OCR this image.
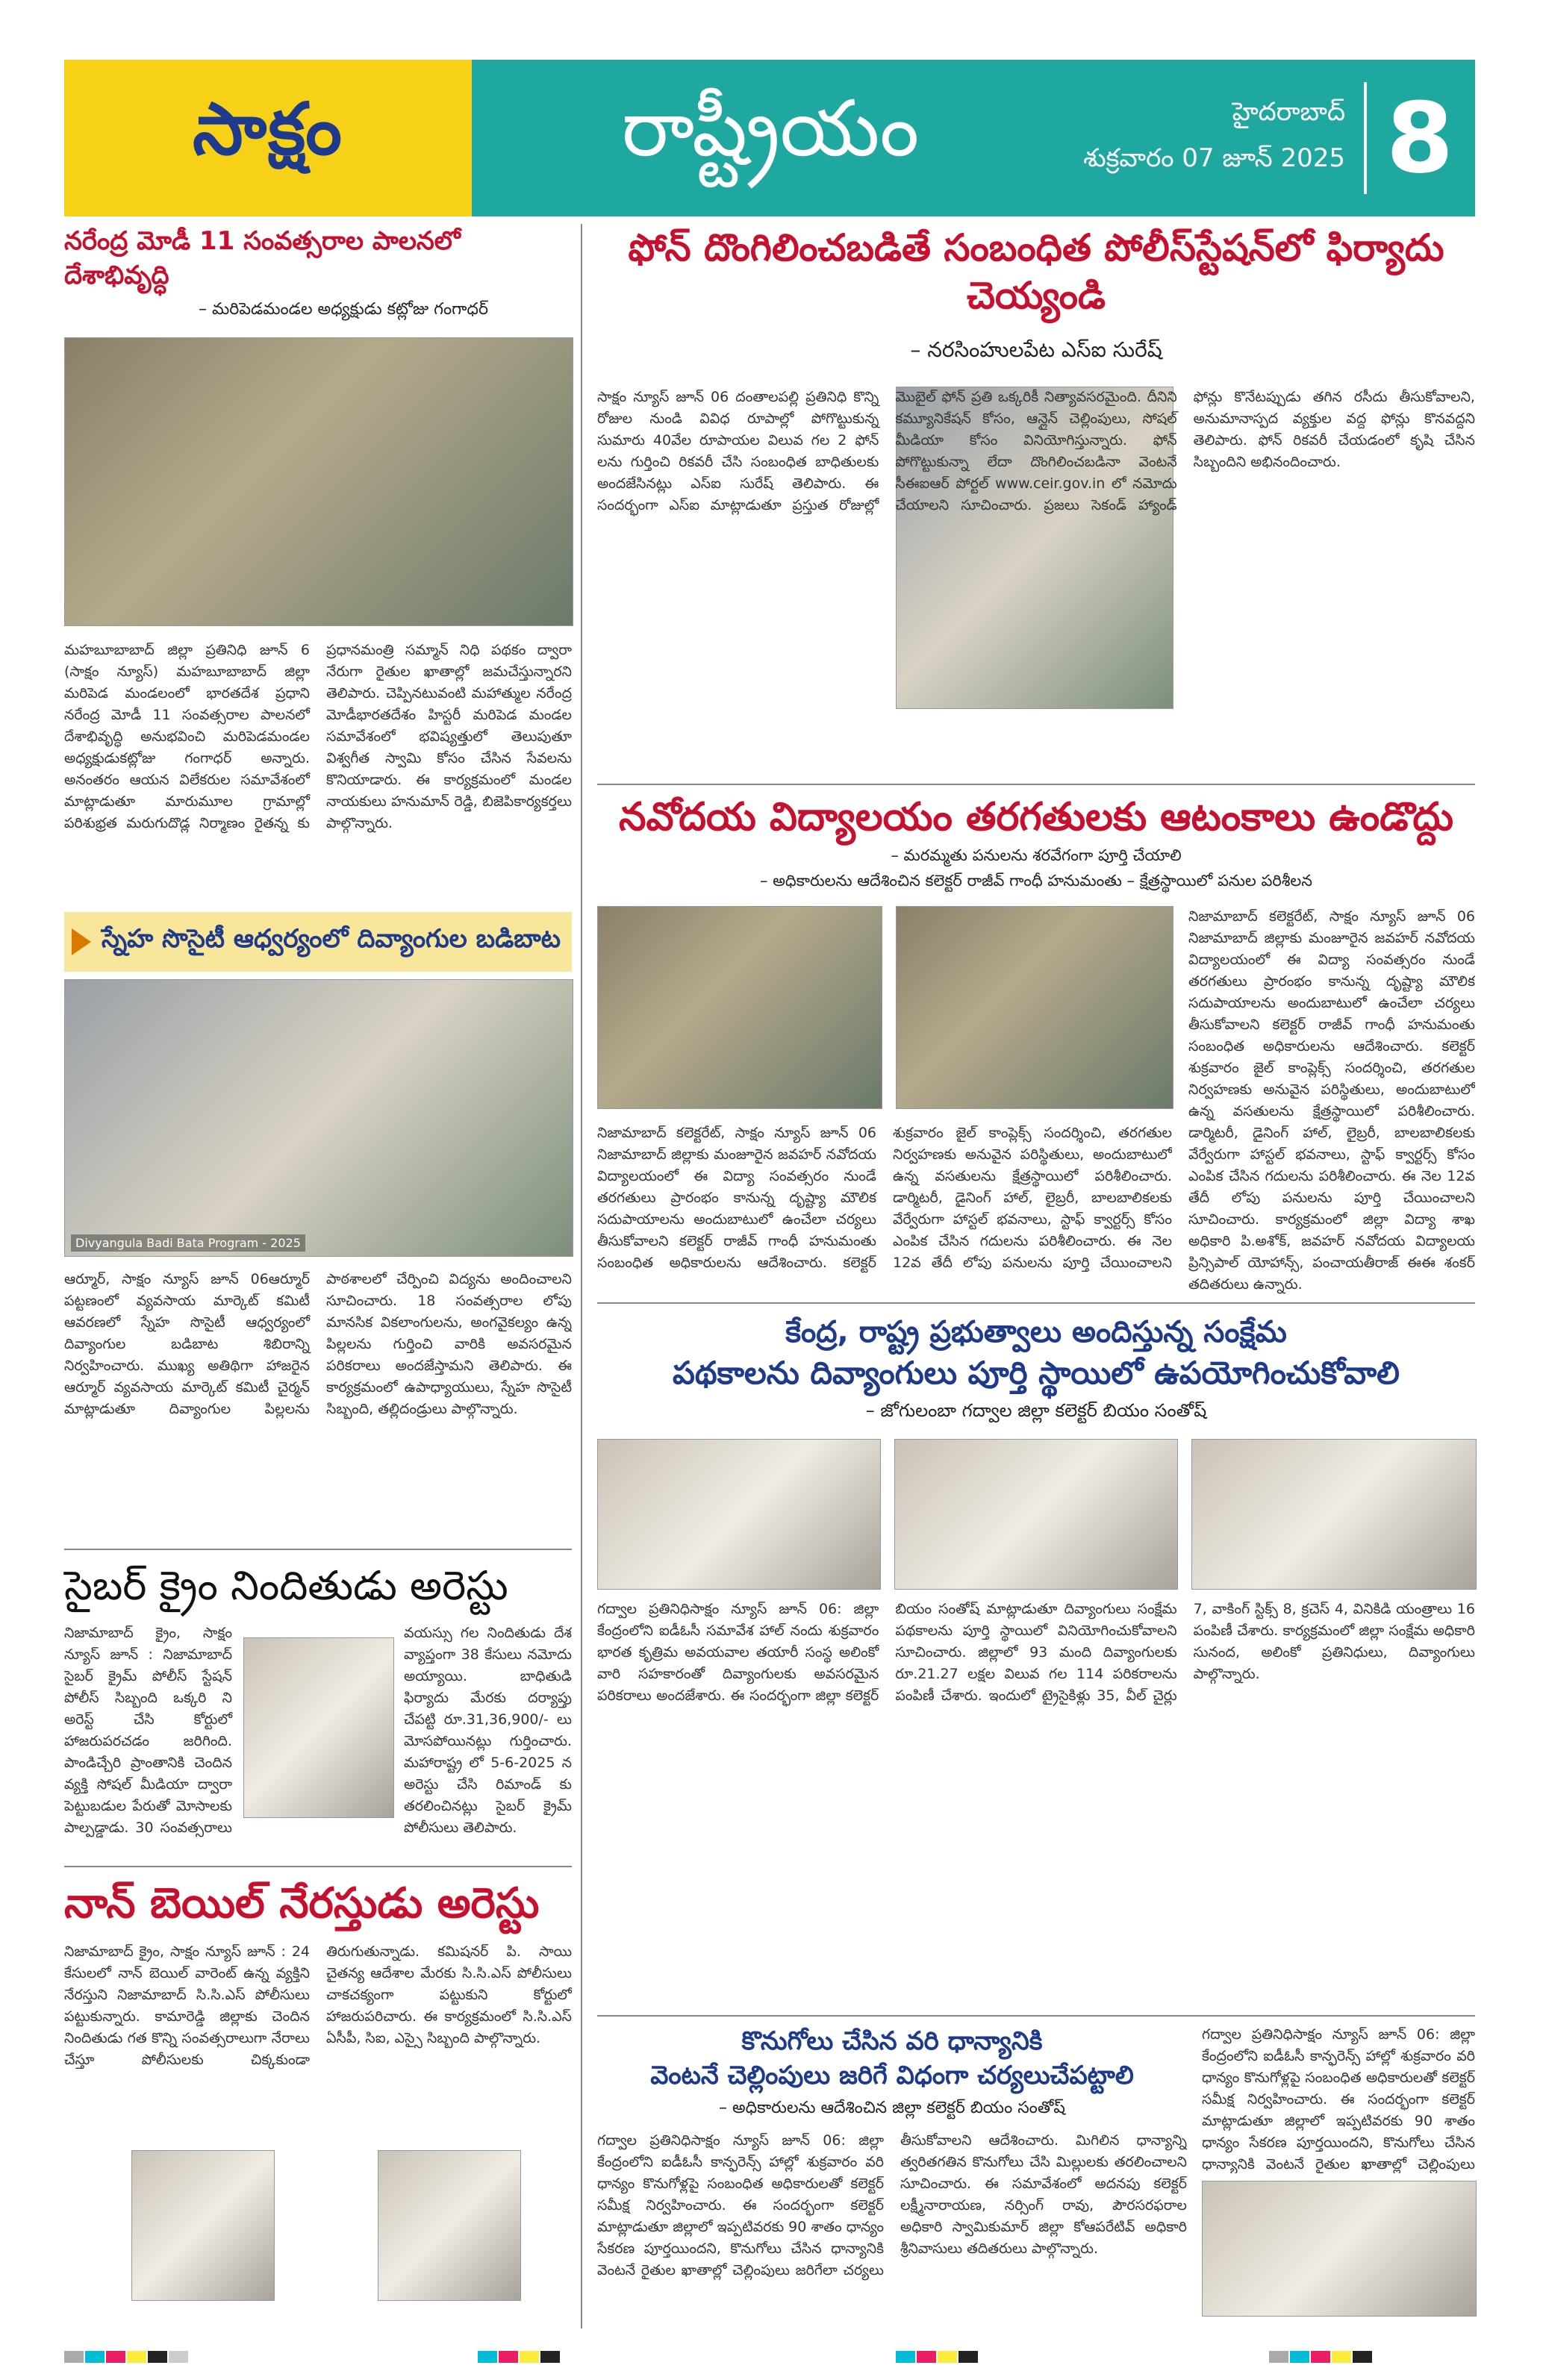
సాక్షం	రాష్ట్రీయం	హైదరాబాద్
శుక్రవారం 07 జూన్ 2025 8
నరేంద్ర మోడీ 11 సంవత్సరాల పాలనలో దేశాభివృద్ధి
– మరిపెడమండల అధ్యక్షుడు కట్లోజు గంగాధర్
మహబూబాబాద్ జిల్లా ప్రతినిధి జూన్ 6 (సాక్షం న్యూస్) మహబూబాబాద్ జిల్లా మరిపెడ మండలంలో భారతదేశ ప్రధాని నరేంద్ర మోడీ 11 సంవత్సరాల పాలనలో దేశాభివృద్ధి అనుభవించి మరిపెడమండల అధ్యక్షుడుకట్లోజు గంగాధర్ అన్నారు. అనంతరం ఆయన విలేకరుల సమావేశంలో మాట్లాడుతూ మారుమూల గ్రామాల్లో పరిశుభ్రత మరుగుదొడ్ల నిర్మాణం రైతన్న కు ప్రధానమంత్రి సమ్మాన్ నిధి పథకం ద్వారా నేరుగా రైతుల ఖాతాల్లో జమచేస్తున్నారని తెలిపారు. చెప్పినటువంటి మహాత్ముల నరేంద్ర మోడీభారతదేశం హిస్టరీ మరిపెడ మండల సమావేశంలో భవిష్యత్తులో తెలుపుతూ విశ్వగీత స్వామి కోసం చేసిన సేవలను కొనియాడారు. ఈ కార్యక్రమంలో మండల నాయకులు హనుమాన్ రెడ్డి, బిజెపికార్యకర్తలు పాల్గొన్నారు.
స్నేహ సొసైటీ ఆధ్వర్యంలో దివ్యాంగుల బడిబాట
Divyangula Badi Bata Program - 2025
ఆర్మూర్, సాక్షం న్యూస్ జూన్ 06ఆర్మూర్ పట్టణంలో వ్యవసాయ మార్కెట్ కమిటీ ఆవరణలో స్నేహ సొసైటీ ఆధ్వర్యంలో దివ్యాంగుల బడిబాట శిబిరాన్ని నిర్వహించారు. ముఖ్య అతిథిగా హాజరైన ఆర్మూర్ వ్యవసాయ మార్కెట్ కమిటీ చైర్మన్ మాట్లాడుతూ దివ్యాంగుల పిల్లలను పాఠశాలలో చేర్పించి విద్యను అందించాలని సూచించారు. 18 సంవత్సరాల లోపు మానసిక వికలాంగులను, అంగవైకల్యం ఉన్న పిల్లలను గుర్తించి వారికి అవసరమైన పరికరాలు అందజేస్తామని తెలిపారు. ఈ కార్యక్రమంలో ఉపాధ్యాయులు, స్నేహ సొసైటీ సిబ్బంది, తల్లిదండ్రులు పాల్గొన్నారు.
సైబర్ క్రైం నిందితుడు అరెస్టు
నిజామాబాద్ క్రైం, సాక్షం న్యూస్ జూన్ : నిజామాబాద్ సైబర్ క్రైమ్ పోలీస్ స్టేషన్ పోలీస్ సిబ్బంది ఒక్కరి ని అరెస్ట్ చేసి కోర్టులో హాజరుపరచడం జరిగింది. పాండిచ్చేరి ప్రాంతానికి చెందిన వ్యక్తి సోషల్ మీడియా ద్వారా పెట్టుబడుల పేరుతో మోసాలకు పాల్పడ్డాడు. 30 సంవత్సరాలు వయస్సు గల నిందితుడు దేశ వ్యాప్తంగా 38 కేసులు నమోదు అయ్యాయి. బాధితుడి ఫిర్యాదు మేరకు దర్యాప్తు చేపట్టి రూ.31,36,900/- లు మోసపోయినట్లు గుర్తించారు. మహారాష్ట్ర లో 5-6-2025 న అరెస్టు చేసి రిమాండ్ కు తరలించినట్లు సైబర్ క్రైమ్ పోలీసులు తెలిపారు.
నాన్ బెయిల్ నేరస్తుడు అరెస్టు
నిజామాబాద్ క్రైం, సాక్షం న్యూస్ జూన్ : 24 కేసులలో నాన్ బెయిల్ వారెంట్ ఉన్న వ్యక్తిని నేరస్తుని నిజామాబాద్ సి.సి.ఎస్ పోలీసులు పట్టుకున్నారు. కామారెడ్డి జిల్లాకు చెందిన నిందితుడు గత కొన్ని సంవత్సరాలుగా నేరాలు చేస్తూ పోలీసులకు చిక్కకుండా తిరుగుతున్నాడు. కమిషనర్ పి. సాయి చైతన్య ఆదేశాల మేరకు సి.సి.ఎస్ పోలీసులు చాకచక్యంగా పట్టుకుని కోర్టులో హాజరుపరిచారు. ఈ కార్యక్రమంలో సి.సి.ఎస్ ఏసీపీ, సిఐ, ఎస్సై సిబ్బంది పాల్గొన్నారు.
ఫోన్ దొంగిలించబడితే సంబంధిత పోలీస్‌స్టేషన్‌లో ఫిర్యాదు చెయ్యండి
– నరసింహులపేట ఎస్ఐ సురేష్
సాక్షం న్యూస్ జూన్ 06 దంతాలపల్లి ప్రతినిధి కొన్ని రోజుల నుండి వివిధ రూపాల్లో పోగొట్టుకున్న సుమారు 40వేల రూపాయల విలువ గల 2 ఫోన్ లను గుర్తించి రికవరీ చేసి సంబంధిత బాధితులకు అందజేసినట్లు ఎస్ఐ సురేష్ తెలిపారు. ఈ సందర్భంగా ఎస్ఐ మాట్లాడుతూ ప్రస్తుత రోజుల్లో మొబైల్ ఫోన్ ప్రతి ఒక్కరికీ నిత్యావసరమైంది. దీనిని కమ్యూనికేషన్ కోసం, ఆన్లైన్ చెల్లింపులు, సోషల్ మీడియా కోసం వినియోగిస్తున్నారు. ఫోన్ పోగొట్టుకున్నా లేదా దొంగిలించబడినా వెంటనే సీఈఐఆర్ పోర్టల్ www.ceir.gov.in లో నమోదు చేయాలని సూచించారు. ప్రజలు సెకండ్ హ్యాండ్ ఫోన్లు కొనేటప్పుడు తగిన రసీదు తీసుకోవాలని, అనుమానాస్పద వ్యక్తుల వద్ద ఫోన్లు కొనవద్దని తెలిపారు. ఫోన్ రికవరీ చేయడంలో కృషి చేసిన సిబ్బందిని అభినందించారు.
నవోదయ విద్యాలయం తరగతులకు ఆటంకాలు ఉండొద్దు
– మరమ్మతు పనులను శరవేగంగా పూర్తి చేయాలి
– అధికారులను ఆదేశించిన కలెక్టర్ రాజీవ్ గాంధీ హనుమంతు – క్షేత్రస్థాయిలో పనుల పరిశీలన
నిజామాబాద్ కలెక్టరేట్, సాక్షం న్యూస్ జూన్ 06 నిజామాబాద్ జిల్లాకు మంజూరైన జవహర్ నవోదయ విద్యాలయంలో ఈ విద్యా సంవత్సరం నుండే తరగతులు ప్రారంభం కానున్న దృష్ట్యా మౌలిక సదుపాయాలను అందుబాటులో ఉంచేలా చర్యలు తీసుకోవాలని కలెక్టర్ రాజీవ్ గాంధీ హనుమంతు సంబంధిత అధికారులను ఆదేశించారు. కలెక్టర్ శుక్రవారం జైల్ కాంప్లెక్స్ సందర్శించి, తరగతుల నిర్వహణకు అనువైన పరిస్థితులు, అందుబాటులో ఉన్న వసతులను క్షేత్రస్థాయిలో పరిశీలించారు. డార్మిటరీ, డైనింగ్ హాల్, లైబ్రరీ, బాలబాలికలకు వేర్వేరుగా హాస్టల్ భవనాలు, స్టాఫ్ క్వార్టర్స్ కోసం ఎంపిక చేసిన గదులను పరిశీలించారు. ఈ నెల 12వ తేదీ లోపు పనులను పూర్తి చేయించాలని
నిజామాబాద్ కలెక్టరేట్, సాక్షం న్యూస్ జూన్ 06 నిజామాబాద్ జిల్లాకు మంజూరైన జవహర్ నవోదయ విద్యాలయంలో ఈ విద్యా సంవత్సరం నుండే తరగతులు ప్రారంభం కానున్న దృష్ట్యా మౌలిక సదుపాయాలను అందుబాటులో ఉంచేలా చర్యలు తీసుకోవాలని కలెక్టర్ రాజీవ్ గాంధీ హనుమంతు సంబంధిత అధికారులను ఆదేశించారు. కలెక్టర్ శుక్రవారం జైల్ కాంప్లెక్స్ సందర్శించి, తరగతుల నిర్వహణకు అనువైన పరిస్థితులు, అందుబాటులో ఉన్న వసతులను క్షేత్రస్థాయిలో పరిశీలించారు. డార్మిటరీ, డైనింగ్ హాల్, లైబ్రరీ, బాలబాలికలకు వేర్వేరుగా హాస్టల్ భవనాలు, స్టాఫ్ క్వార్టర్స్ కోసం ఎంపిక చేసిన గదులను పరిశీలించారు. ఈ నెల 12వ తేదీ లోపు పనులను పూర్తి చేయించాలని సూచించారు. కార్యక్రమంలో జిల్లా విద్యా శాఖ అధికారి పి.అశోక్, జవహర్ నవోదయ విద్యాలయ ప్రిన్సిపాల్ యోహాన్స్, పంచాయతీరాజ్ ఈఈ శంకర్ తదితరులు ఉన్నారు.
కేంద్ర, రాష్ట్ర ప్రభుత్వాలు అందిస్తున్న సంక్షేమ
పథకాలను దివ్యాంగులు పూర్తి స్థాయిలో ఉపయోగించుకోవాలి
– జోగులంబా గద్వాల జిల్లా కలెక్టర్ బియం సంతోష్
గద్వాల ప్రతినిధిసాక్షం న్యూస్ జూన్ 06: జిల్లా కేంద్రంలోని ఐడీఓసీ సమావేశ హాల్ నందు శుక్రవారం భారత కృత్రిమ అవయవాల తయారీ సంస్థ అలింకో వారి సహకారంతో దివ్యాంగులకు అవసరమైన పరికరాలు అందజేశారు. ఈ సందర్భంగా జిల్లా కలెక్టర్ బియం సంతోష్ మాట్లాడుతూ దివ్యాంగులు సంక్షేమ పథకాలను పూర్తి స్థాయిలో వినియోగించుకోవాలని సూచించారు. జిల్లాలో 93 మంది దివ్యాంగులకు రూ.21.27 లక్షల విలువ గల 114 పరికరాలను పంపిణీ చేశారు. ఇందులో ట్రైసైకిళ్లు 35, వీల్ చైర్లు 7, వాకింగ్ స్టిక్స్ 8, క్రచెస్ 4, వినికిడి యంత్రాలు 16 పంపిణీ చేశారు. కార్యక్రమంలో జిల్లా సంక్షేమ అధికారి సునంద, అలింకో ప్రతినిధులు, దివ్యాంగులు పాల్గొన్నారు.
కొనుగోలు చేసిన వరి ధాన్యానికి
వెంటనే చెల్లింపులు జరిగే విధంగా చర్యలుచేపట్టాలి
– అధికారులను ఆదేశించిన జిల్లా కలెక్టర్ బియం సంతోష్
గద్వాల ప్రతినిధిసాక్షం న్యూస్ జూన్ 06: జిల్లా కేంద్రంలోని ఐడీఓసీ కాన్ఫరెన్స్ హాల్లో శుక్రవారం వరి ధాన్యం కొనుగోళ్లపై సంబంధిత అధికారులతో కలెక్టర్ సమీక్ష నిర్వహించారు. ఈ సందర్భంగా కలెక్టర్ మాట్లాడుతూ జిల్లాలో ఇప్పటివరకు 90 శాతం ధాన్యం సేకరణ పూర్తయిందని, కొనుగోలు చేసిన ధాన్యానికి వెంటనే రైతుల ఖాతాల్లో చెల్లింపులు జరిగేలా చర్యలు తీసుకోవాలని ఆదేశించారు. మిగిలిన ధాన్యాన్ని త్వరితగతిన కొనుగోలు చేసి మిల్లులకు తరలించాలని సూచించారు. ఈ సమావేశంలో అదనపు కలెక్టర్ లక్ష్మీనారాయణ, నర్సింగ్ రావు, పౌరసరఫరాల అధికారి స్వామికుమార్ జిల్లా కోఆపరేటివ్ అధికారి శ్రీనివాసులు తదితరులు పాల్గొన్నారు.
గద్వాల ప్రతినిధిసాక్షం న్యూస్ జూన్ 06: జిల్లా కేంద్రంలోని ఐడీఓసీ కాన్ఫరెన్స్ హాల్లో శుక్రవారం వరి ధాన్యం కొనుగోళ్లపై సంబంధిత అధికారులతో కలెక్టర్ సమీక్ష నిర్వహించారు. ఈ సందర్భంగా కలెక్టర్ మాట్లాడుతూ జిల్లాలో ఇప్పటివరకు 90 శాతం ధాన్యం సేకరణ పూర్తయిందని, కొనుగోలు చేసిన ధాన్యానికి వెంటనే రైతుల ఖాతాల్లో చెల్లింపులు
